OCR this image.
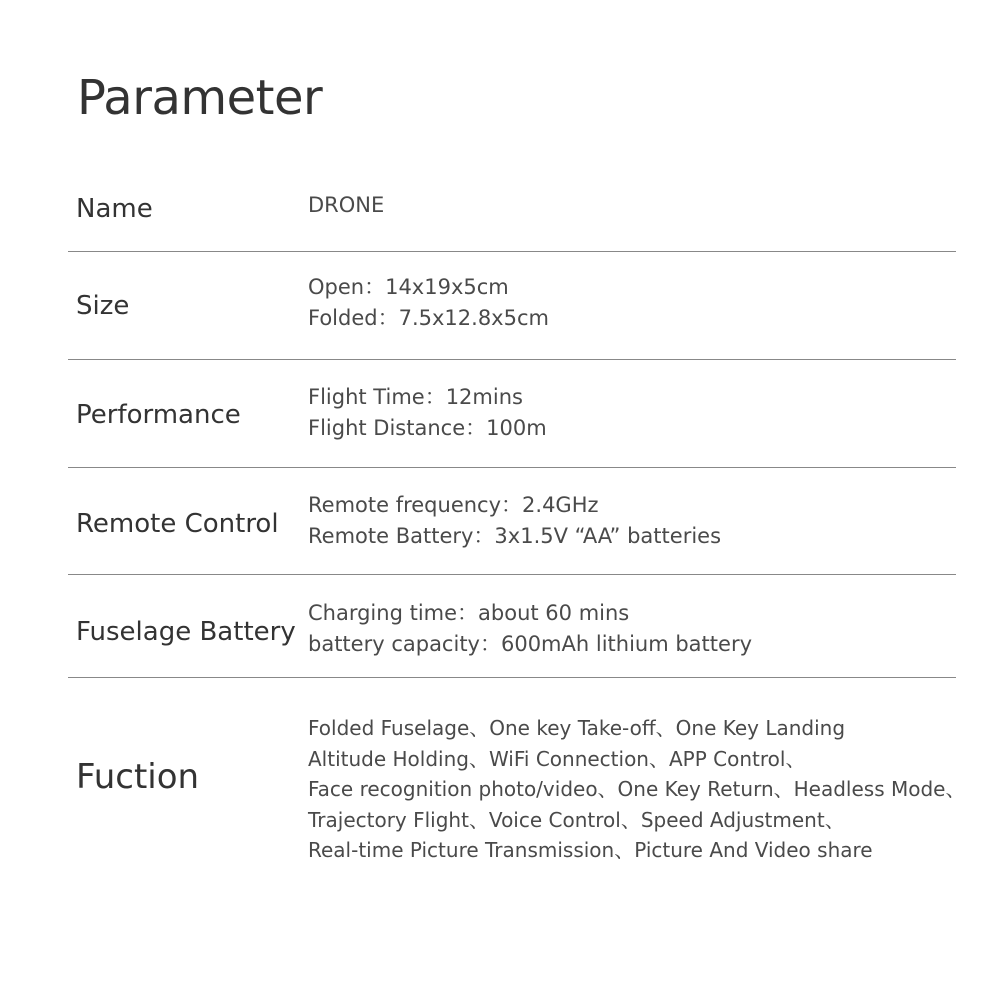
Parameter
Name	DRONE
Size
Open：14x19x5cm
Folded：7.5x12.8x5cm
Performance
Flight Time：12mins
Flight Distance：100m
Remote Control
Remote frequency：2.4GHz
Remote Battery：3x1.5V “AA” batteries
Fuselage Battery
Charging time：about 60 mins
battery capacity：600mAh lithium battery
Fuction
Folded Fuselage、One key Take-off、One Key Landing
Altitude Holding、WiFi Connection、APP Control、
Face recognition photo/video、One Key Return、Headless Mode、
Trajectory Flight、Voice Control、Speed Adjustment、
Real-time Picture Transmission、Picture And Video share
